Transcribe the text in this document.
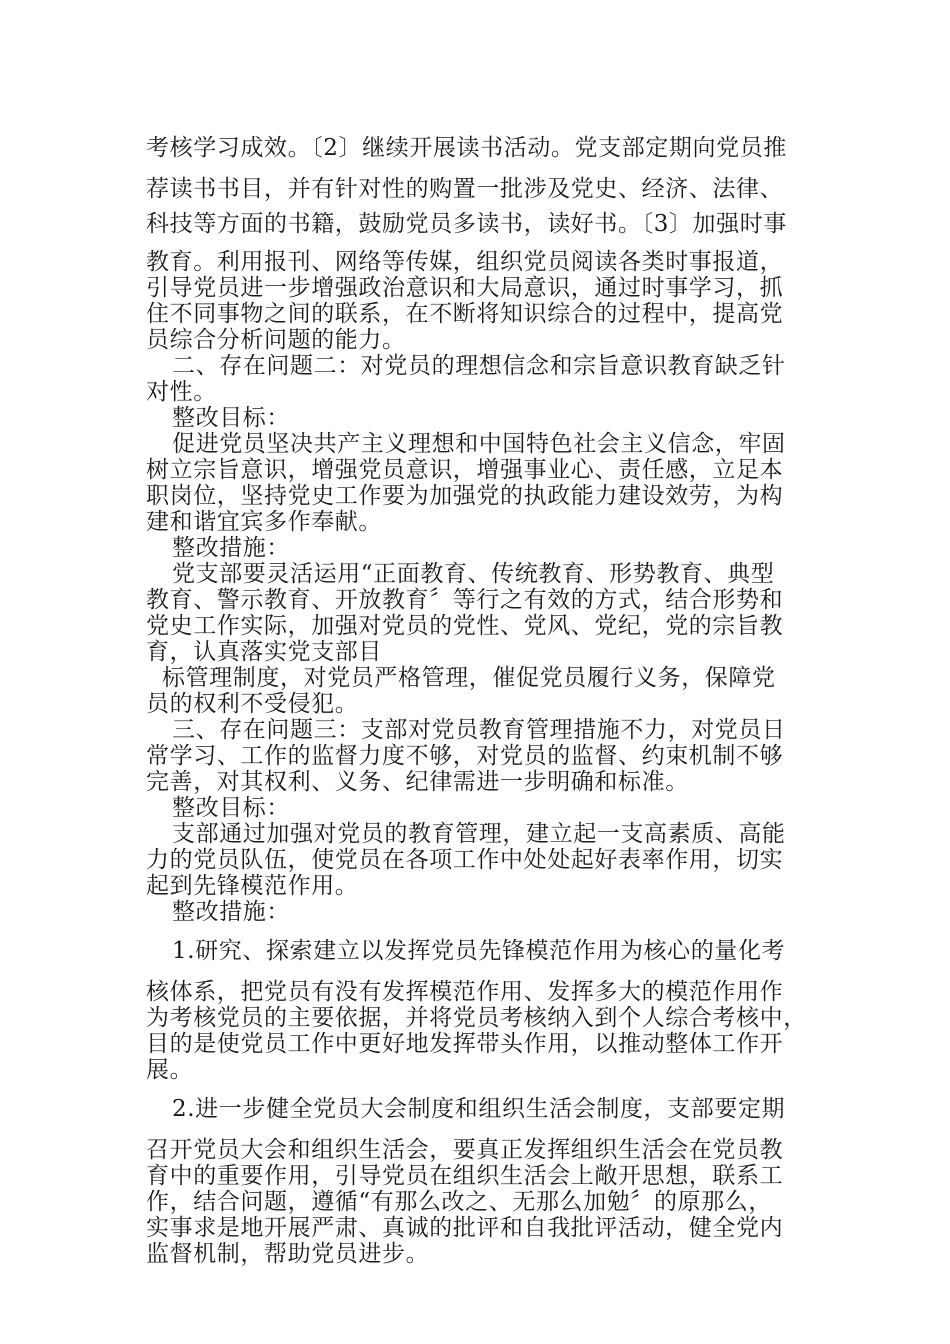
考核学习成效。〔2〕继续开展读书活动。党支部定期向党员推
荐读书书目，并有针对性的购置一批涉及党史、经济、法律、
科技等方面的书籍，鼓励党员多读书，读好书。〔3〕加强时事
教育。利用报刊、网络等传媒，组织党员阅读各类时事报道，
引导党员进一步增强政治意识和大局意识，通过时事学习，抓
住不同事物之间的联系，在不断将知识综合的过程中，提高党
员综合分析问题的能力。
二、存在问题二：对党员的理想信念和宗旨意识教育缺乏针
对性。
整改目标：
促进党员坚决共产主义理想和中国特色社会主义信念，牢固
树立宗旨意识，增强党员意识，增强事业心、责任感，立足本
职岗位，坚持党史工作要为加强党的执政能力建设效劳，为构
建和谐宜宾多作奉献。
整改措施：
党支部要灵活运用“正面教育、传统教育、形势教育、典型
教育、警示教育、开放教育〞等行之有效的方式，结合形势和
党史工作实际，加强对党员的党性、党风、党纪，党的宗旨教
育，认真落实党支部目
标管理制度，对党员严格管理，催促党员履行义务，保障党
员的权利不受侵犯。
三、存在问题三：支部对党员教育管理措施不力，对党员日
常学习、工作的监督力度不够，对党员的监督、约束机制不够
完善，对其权利、义务、纪律需进一步明确和标准。
整改目标：
支部通过加强对党员的教育管理，建立起一支高素质、高能
力的党员队伍，使党员在各项工作中处处起好表率作用，切实
起到先锋模范作用。
整改措施：
1.研究、探索建立以发挥党员先锋模范作用为核心的量化考
核体系，把党员有没有发挥模范作用、发挥多大的模范作用作
为考核党员的主要依据，并将党员考核纳入到个人综合考核中，
目的是使党员工作中更好地发挥带头作用，以推动整体工作开
展。
2.进一步健全党员大会制度和组织生活会制度，支部要定期
召开党员大会和组织生活会，要真正发挥组织生活会在党员教
育中的重要作用，引导党员在组织生活会上敞开思想，联系工
作，结合问题，遵循“有那么改之、无那么加勉〞的原那么，
实事求是地开展严肃、真诚的批评和自我批评活动，健全党内
监督机制，帮助党员进步。
